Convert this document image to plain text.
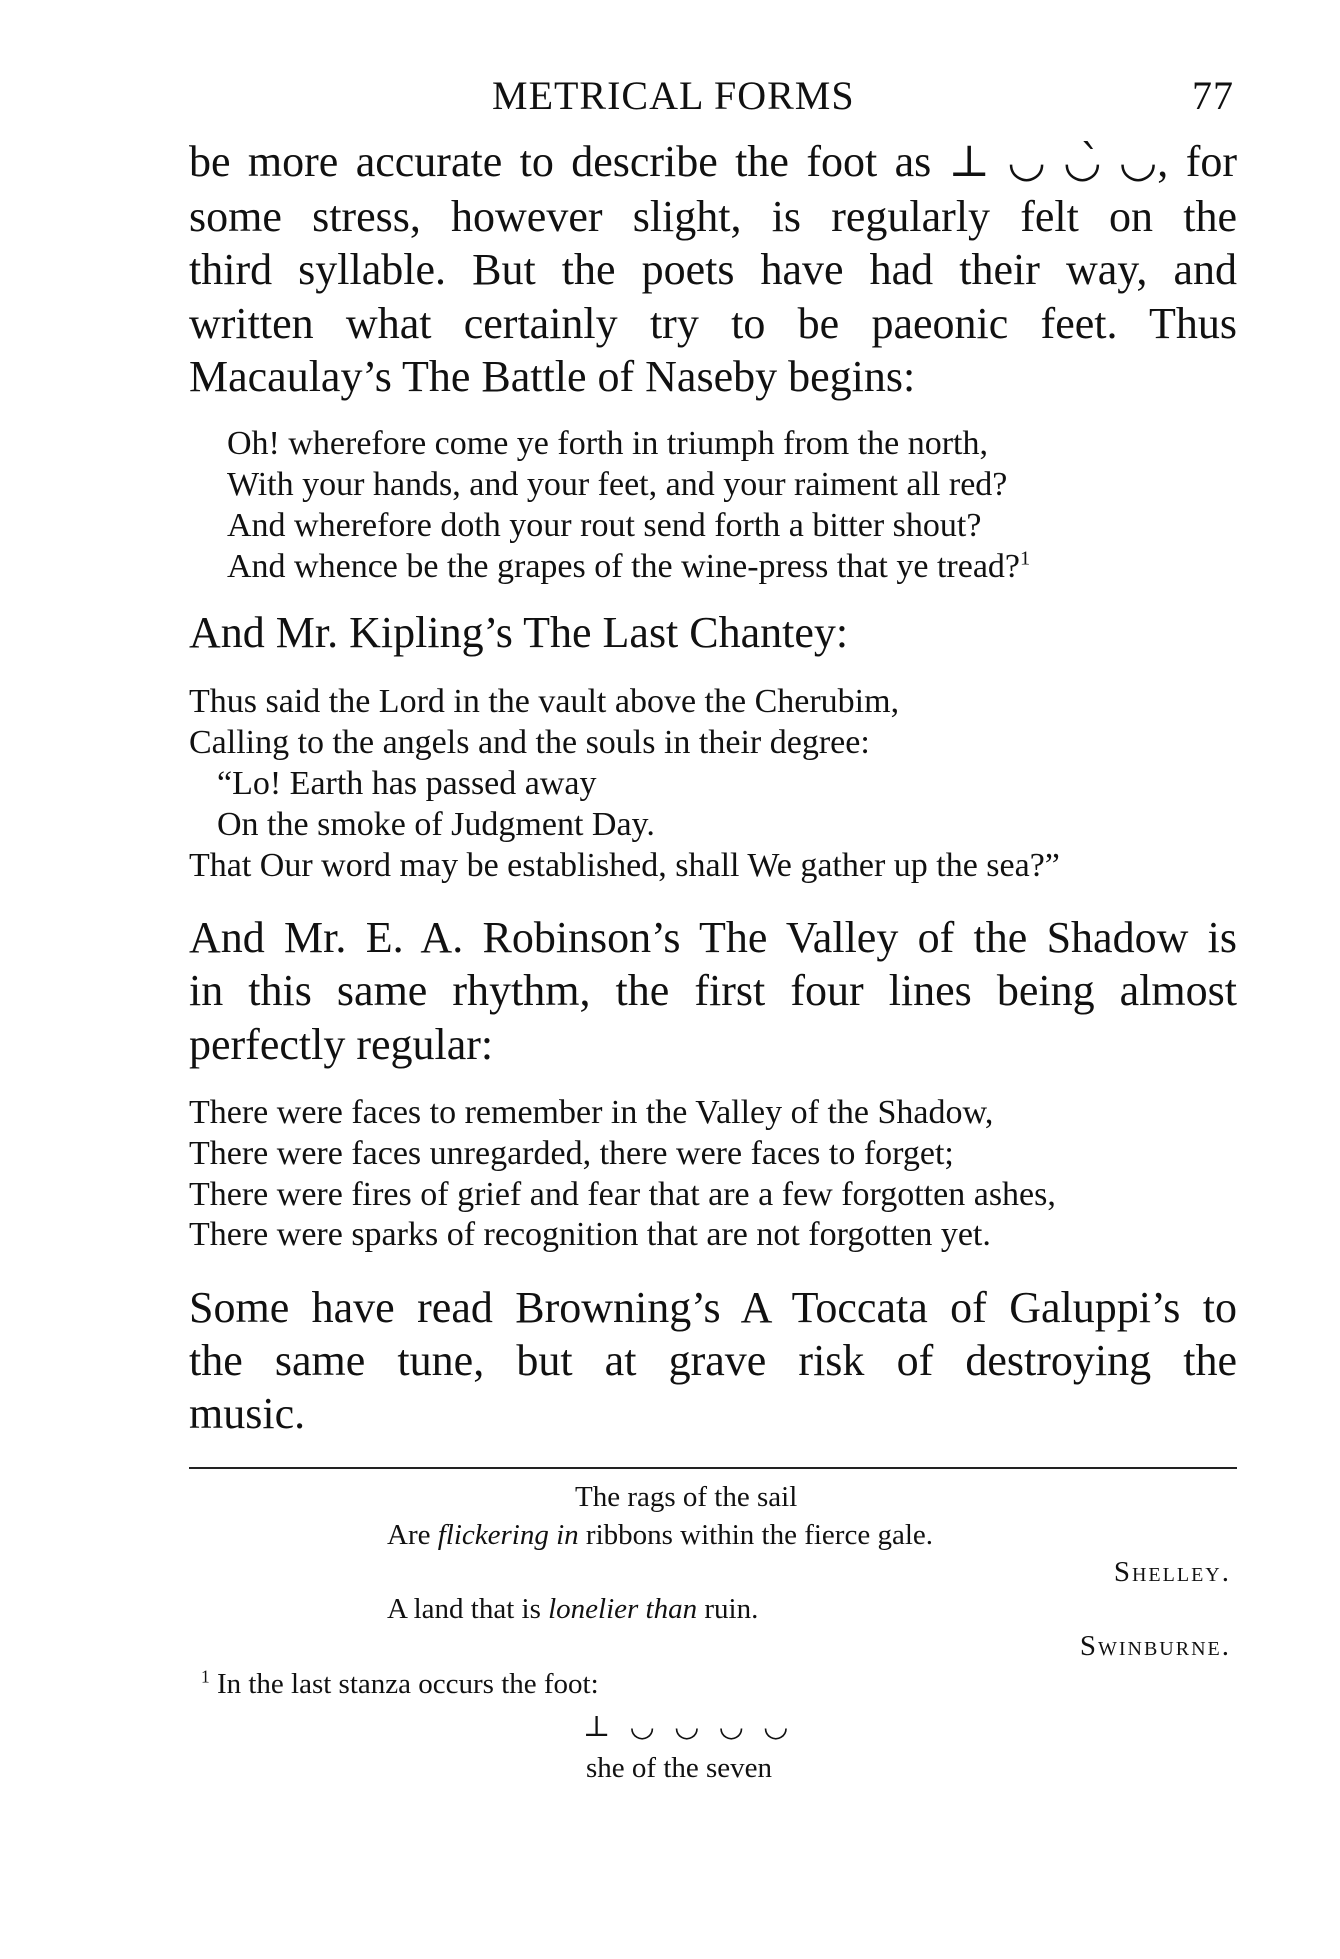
METRICAL FORMS	77
be more accurate to describe the foot as ⊥ ◡ ◡̀ ◡, for
some stress, however slight, is regularly felt on the
third syllable. But the poets have had their way, and
written what certainly try to be paeonic feet. Thus
Macaulay’s The Battle of Naseby begins:
Oh! wherefore come ye forth in triumph from the north,
With your hands, and your feet, and your raiment all red?
And wherefore doth your rout send forth a bitter shout?
And whence be the grapes of the wine-press that ye tread?$^1$
And Mr. Kipling’s The Last Chantey:
Thus said the Lord in the vault above the Cherubim,
Calling to the angels and the souls in their degree:
“Lo! Earth has passed away
On the smoke of Judgment Day.
That Our word may be established, shall We gather up the sea?”
And Mr. E. A. Robinson’s The Valley of the Shadow is
in this same rhythm, the first four lines being almost
perfectly regular:
There were faces to remember in the Valley of the Shadow,
There were faces unregarded, there were faces to forget;
There were fires of grief and fear that are a few forgotten ashes,
There were sparks of recognition that are not forgotten yet.
Some have read Browning’s A Toccata of Galuppi’s to
the same tune, but at grave risk of destroying the
music.
The rags of the sail
Are flickering in ribbons within the fierce gale.
Shelley.
A land that is lonelier than ruin.
Swinburne.
$^1$ In the last stanza occurs the foot:
⊥ ◡ ◡ ◡ ◡
she of the seven
